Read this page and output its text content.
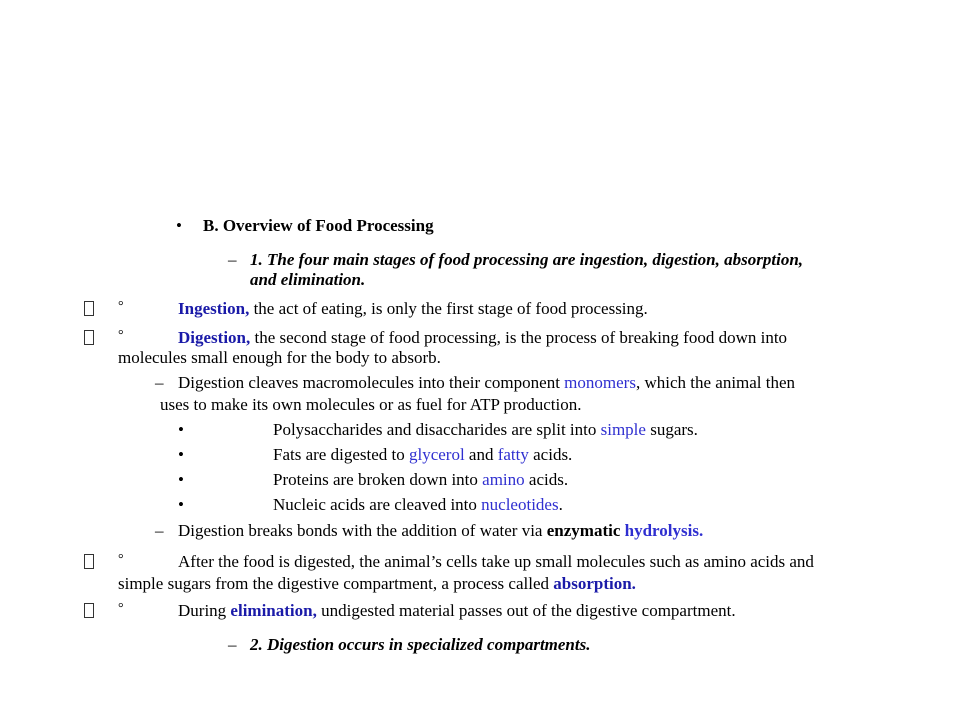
• B. Overview of Food Processing
– 1. The four main stages of food processing are ingestion, digestion, absorption,
and elimination.
°	Ingestion, the act of eating, is only the first stage of food processing.
°	Digestion, the second stage of food processing, is the process of breaking food down into
molecules small enough for the body to absorb.
– Digestion cleaves macromolecules into their component monomers, which the animal then
uses to make its own molecules or as fuel for ATP production.
•	Polysaccharides and disaccharides are split into simple sugars.
•	Fats are digested to glycerol and fatty acids.
•	Proteins are broken down into amino acids.
•	Nucleic acids are cleaved into nucleotides.
– Digestion breaks bonds with the addition of water via enzymatic hydrolysis.
°	After the food is digested, the animal’s cells take up small molecules such as amino acids and
simple sugars from the digestive compartment, a process called absorption.
°	During elimination, undigested material passes out of the digestive compartment.
– 2. Digestion occurs in specialized compartments.
